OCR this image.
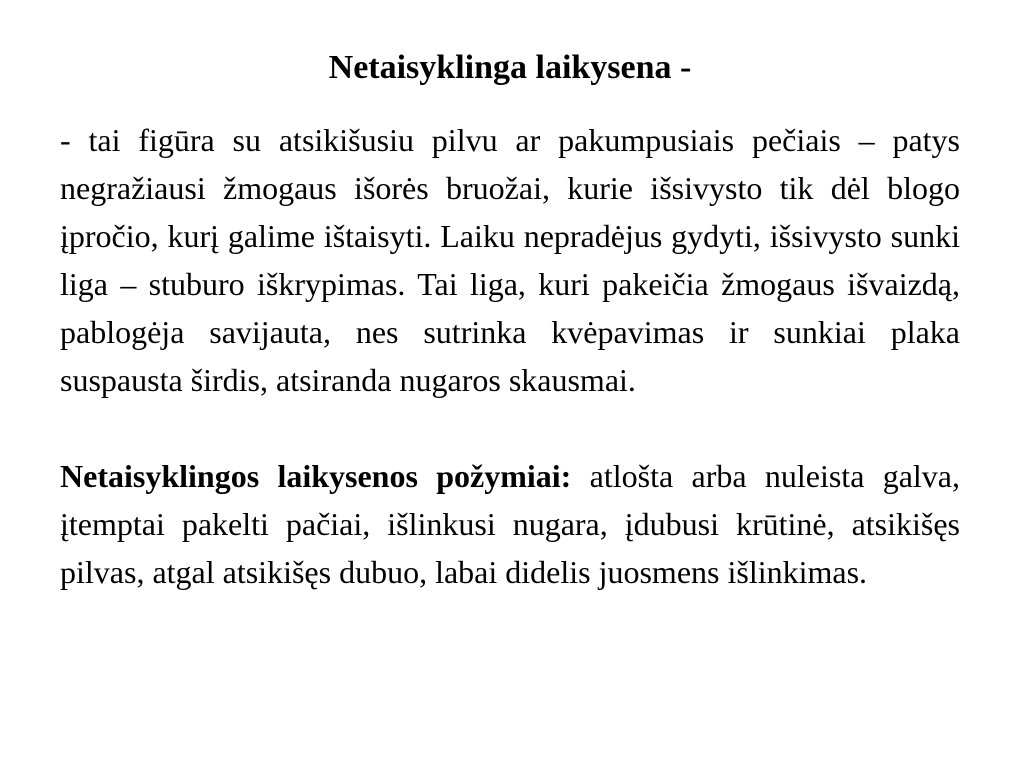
Netaisyklinga laikysena -

- tai figūra su atsikišusiu pilvu ar pakumpusiais pečiais – patys negražiausi žmogaus išorės bruožai, kurie išsivysto tik dėl blogo įpročio, kurį galime ištaisyti. Laiku nepradėjus gydyti, išsivysto sunki liga – stuburo iškrypimas. Tai liga, kuri pakeičia žmogaus išvaizdą, pablogėja savijauta, nes sutrinka kvėpavimas ir sunkiai plaka suspausta širdis, atsiranda nugaros skausmai.

Netaisyklingos laikysenos požymiai: atlošta arba nuleista galva, įtemptai pakelti pačiai, išlinkusi nugara, įdubusi krūtinė, atsikišęs pilvas, atgal atsikišęs dubuo, labai didelis juosmens išlinkimas.
